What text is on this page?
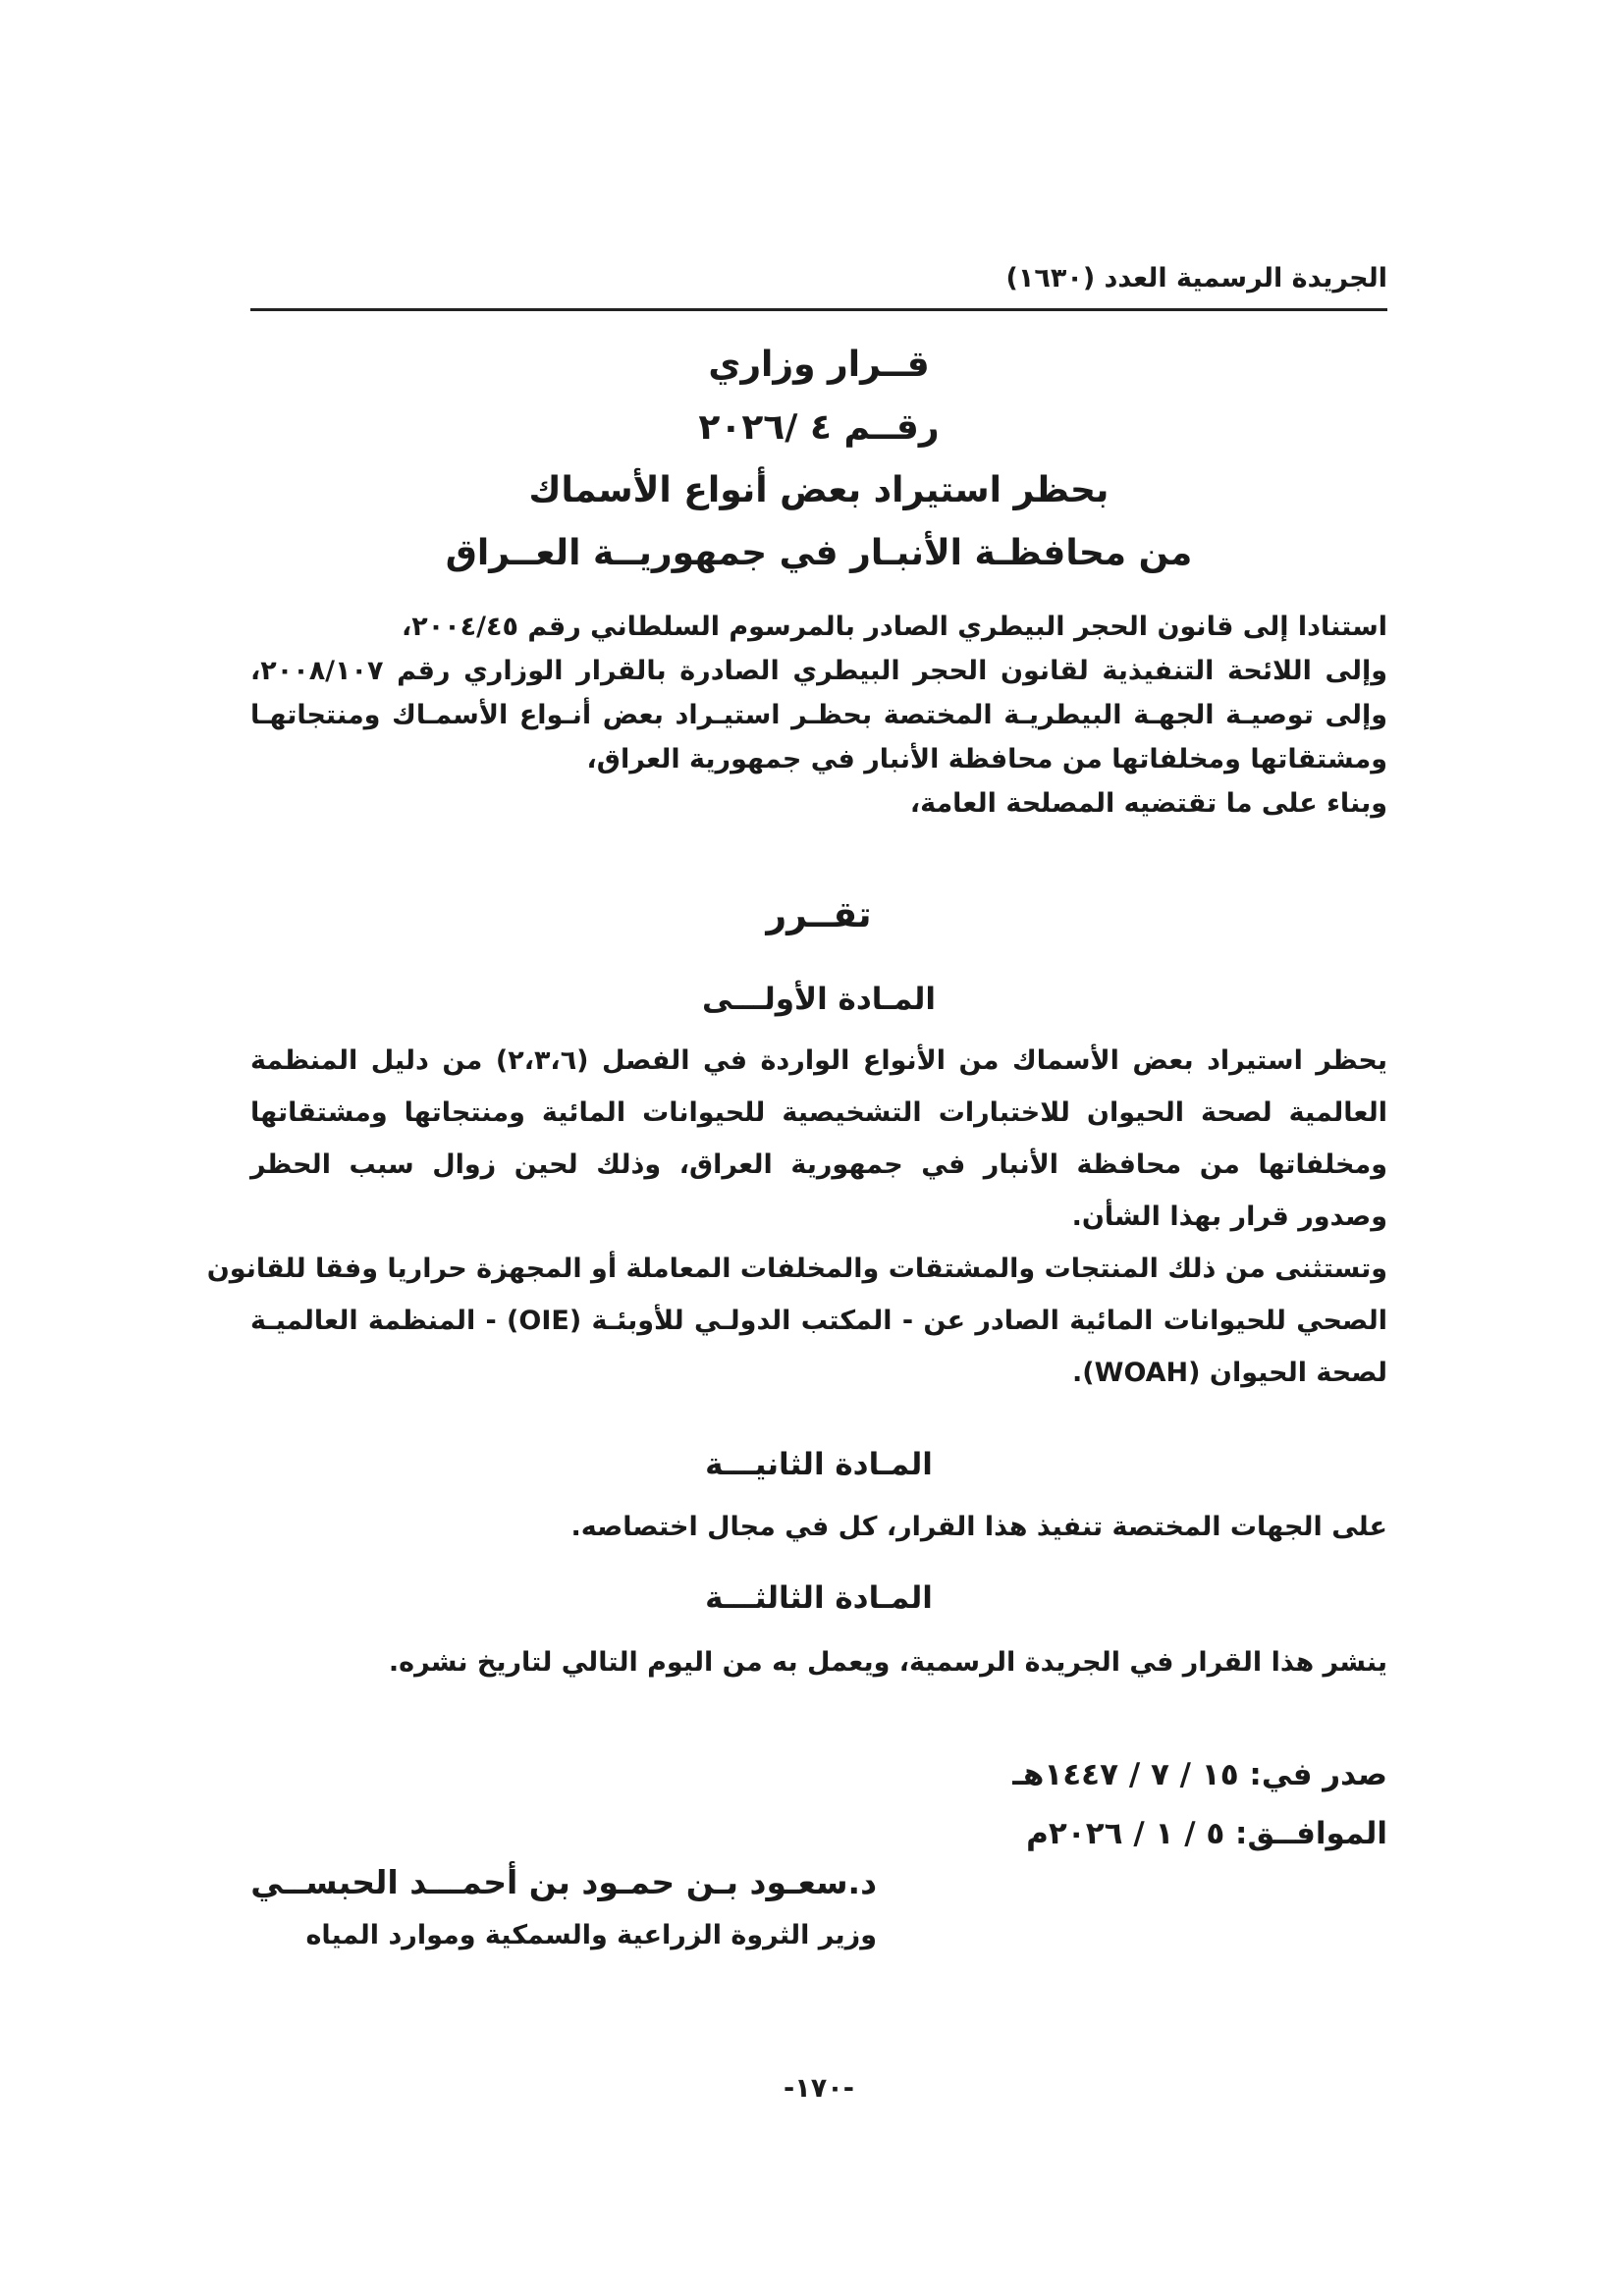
الجريدة الرسمية العدد (١٦٣٠)
قــرار وزاري
رقــم ٤ /٢٠٢٦
بحظر استيراد بعض أنواع الأسماك
من محافظـة الأنبـار في جمهوريــة العــراق
استنادا إلى قانون الحجر البيطري الصادر بالمرسوم السلطاني رقم ٢٠٠٤/٤٥،
وإلى اللائحة التنفيذية لقانون الحجر البيطري الصادرة بالقرار الوزاري رقم ٢٠٠٨/١٠٧،
وإلى توصيـة الجهـة البيطريـة المختصة بحظـر استيـراد بعض أنـواع الأسمـاك ومنتجاتهـا
ومشتقاتها ومخلفاتها من محافظة الأنبار في جمهورية العراق،
وبناء على ما تقتضيه المصلحة العامة،
تقــرر
المـادة الأولـــى
يحظر استيراد بعض الأسماك من الأنواع الواردة في الفصل (٢،٣،٦) من دليل المنظمة
العالمية لصحة الحيوان للاختبارات التشخيصية للحيوانات المائية ومنتجاتها ومشتقاتها
ومخلفاتها من محافظة الأنبار في جمهورية العراق، وذلك لحين زوال سبب الحظر
وصدور قرار بهذا الشأن.
وتستثنى من ذلك المنتجات والمشتقات والمخلفات المعاملة أو المجهزة حراريا وفقا للقانون
الصحي للحيوانات المائية الصادر عن - المكتب الدولـي للأوبئـة (OIE) - المنظمة العالميـة
لصحة الحيوان (WOAH).
المـادة الثانيـــة
على الجهات المختصة تنفيذ هذا القرار، كل في مجال اختصاصه.
المـادة الثالثـــة
ينشر هذا القرار في الجريدة الرسمية، ويعمل به من اليوم التالي لتاريخ نشره.
صدر في: ١٥ / ٧ / ١٤٤٧هـ
الموافــق: ٥ / ١ / ٢٠٢٦م
د.سعـود بـن حمـود بن أحمـــد الحبســي
وزير الثروة الزراعية والسمكية وموارد المياه
-١٧٠-
